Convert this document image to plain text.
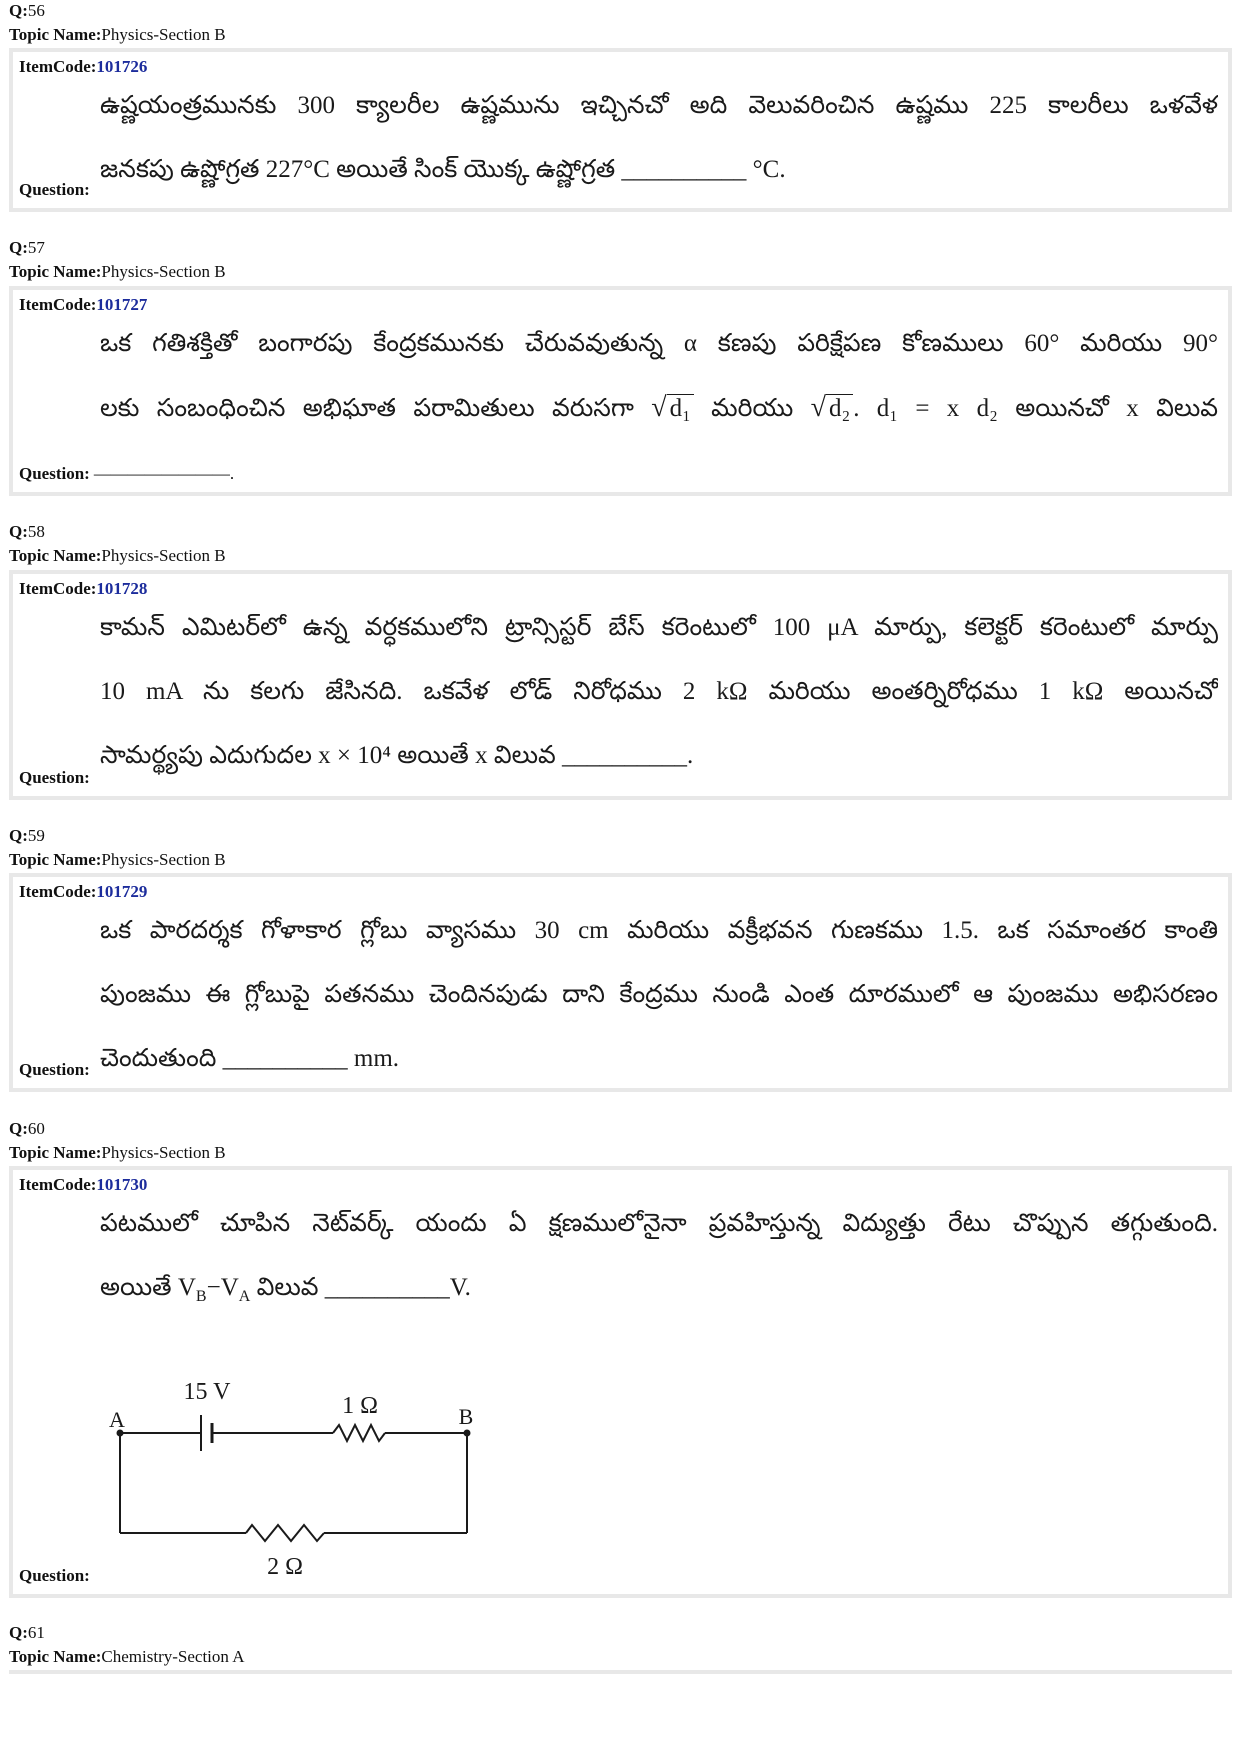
Q:56
Topic Name:Physics-Section B
ItemCode:101726
ఉష్ణయంత్రమునకు 300 క్యాలరీల ఉష్ణమును ఇచ్చినచో అది వెలువరించిన ఉష్ణము 225 కాలరీలు ఒళవేళ
జనకపు ఉష్ణోగ్రత 227°C అయితే సింక్ యొక్క ఉష్ణోగ్రత __________ °C.
Question:
Q:57
Topic Name:Physics-Section B
ItemCode:101727
ఒక గతిశక్తితో బంగారపు కేంద్రకమునకు చేరువవుతున్న α కణపు పరిక్షేపణ కోణములు 60° మరియు 90°
లకు సంబంధించిన అభిఘాత పరామితులు వరుసగా √ d₁ మరియు √ d₂ . d₁ = x d₂ అయినచో x విలువ
Question: ————————.
Q:58
Topic Name:Physics-Section B
ItemCode:101728
కామన్ ఎమిటర్‌లో ఉన్న వర్ధకములోని ట్రాన్సిస్టర్ బేస్ కరెంటులో 100 μA మార్పు, కలెక్టర్ కరెంటులో మార్పు
10 mA ను కలగు జేసినది. ఒకవేళ లోడ్ నిరోధము 2 kΩ మరియు అంతర్నిరోధము 1 kΩ అయినచో
సామర్థ్యపు ఎదుగుదల x × 10⁴ అయితే x విలువ __________.
Question:
Q:59
Topic Name:Physics-Section B
ItemCode:101729
ఒక పారదర్శక గోళాకార గ్లోబు వ్యాసము 30 cm మరియు వక్రీభవన గుణకము 1.5. ఒక సమాంతర కాంతి
పుంజము ఈ గ్లోబుపై పతనము చెందినపుడు దాని కేంద్రము నుండి ఎంత దూరములో ఆ పుంజము అభిసరణం
చెందుతుంది __________ mm.
Question:
Q:60
Topic Name:Physics-Section B
ItemCode:101730
పటములో చూపిన నెట్‌వర్క్ యందు ఏ క్షణములోనైనా ప్రవహిస్తున్న విద్యుత్తు రేటు చొప్పున తగ్గుతుంది.
అయితే $V_B-V_A$ విలువ __________V.
15 V
1 Ω
A	B
2 Ω
Question:
Q:61
Topic Name:Chemistry-Section A
